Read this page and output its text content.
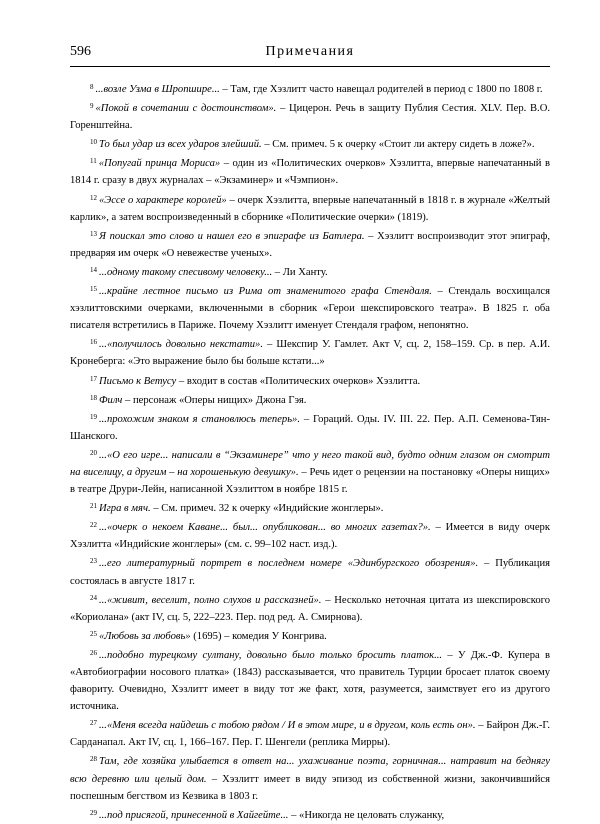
596	Примечания

$^8$ ...возле Узма в Шропшире... – Там, где Хэзлитт часто навещал родителей в период с 1800 по 1808 г.

$^9$ «Покой в сочетании с достоинством». – Цицерон. Речь в защиту Публия Сестия. XLV. Пер. В.О. Горенштейна.

$^{10}$ То был удар из всех ударов злейший. – См. примеч. 5 к очерку «Стоит ли актеру сидеть в ложе?».

$^{11}$ «Попугай принца Мориса» – один из «Политических очерков» Хэзлитта, впервые напечатанный в 1814 г. сразу в двух журналах – «Экзаминер» и «Чэмпион».

$^{12}$ «Эссе о характере королей» – очерк Хэзлитта, впервые напечатанный в 1818 г. в журнале «Желтый карлик», а затем воспроизведенный в сборнике «Политические очерки» (1819).

$^{13}$ Я поискал это слово и нашел его в эпиграфе из Батлера. – Хэзлитт воспроизводит этот эпиграф, предваряя им очерк «О невежестве ученых».

$^{14}$ ...одному такому спесивому человеку... – Ли Ханту.

$^{15}$ ...крайне лестное письмо из Рима от знаменитого графа Стендаля. – Стендаль восхищался хэзлиттовскими очерками, включенными в сборник «Герои шекспировского театра». В 1825 г. оба писателя встретились в Париже. Почему Хэзлитт именует Стендаля графом, непонятно.

$^{16}$ ...«получилось довольно некстати». – Шекспир У. Гамлет. Акт V, сц. 2, 158–159. Ср. в пер. А.И. Кронеберга: «Это выражение было бы больше кстати...»

$^{17}$ Письмо к Ветусу – входит в состав «Политических очерков» Хэзлитта.

$^{18}$ Филч – персонаж «Оперы нищих» Джона Гэя.

$^{19}$ ...прохожим знаком я становлюсь теперь». – Гораций. Оды. IV. III. 22. Пер. А.П. Семенова-Тян-Шанского.

$^{20}$ ...«О его игре... написали в “Экзаминере” что у него такой вид, будто одним глазом он смотрит на виселицу, а другим – на хорошенькую девушку». – Речь идет о рецензии на постановку «Оперы нищих» в театре Друри-Лейн, написанной Хэзлиттом в ноябре 1815 г.

$^{21}$ Игра в мяч. – См. примеч. 32 к очерку «Индийские жонглеры».

$^{22}$ ...«очерк о некоем Каване... был... опубликован... во многих газетах?». – Имеется в виду очерк Хэзлитта «Индийские жонглеры» (см. с. 99–102 наст. изд.).

$^{23}$ ...его литературный портрет в последнем номере «Эдинбургского обозрения». – Публикация состоялась в августе 1817 г.

$^{24}$ ...«живит, веселит, полно слухов и рассказней». – Несколько неточная цитата из шекспировского «Кориолана» (акт IV, сц. 5, 222–223. Пер. под ред. А. Смирнова).

$^{25}$ «Любовь за любовь» (1695) – комедия У Конгрива.

$^{26}$ ...подобно турецкому султану, довольно было только бросить платок... – У Дж.-Ф. Купера в «Автобиографии носового платка» (1843) рассказывается, что правитель Турции бросает платок своему фавориту. Очевидно, Хэзлитт имеет в виду тот же факт, хотя, разумеется, заимствует его из другого источника.

$^{27}$ ...«Меня всегда найдешь с тобою рядом / И в этом мире, и в другом, коль есть он». – Байрон Дж.-Г. Сарданапал. Акт IV, сц. 1, 166–167. Пер. Г. Шенгели (реплика Мирры).

$^{28}$ Там, где хозяйка улыбается в ответ на... ухаживание поэта, горничная... натравит на беднягу всю деревню или целый дом. – Хэзлитт имеет в виду эпизод из собственной жизни, закончившийся поспешным бегством из Кезвика в 1803 г.

$^{29}$ ...под присягой, принесенной в Хайгейте... – «Никогда не целовать служанку,
